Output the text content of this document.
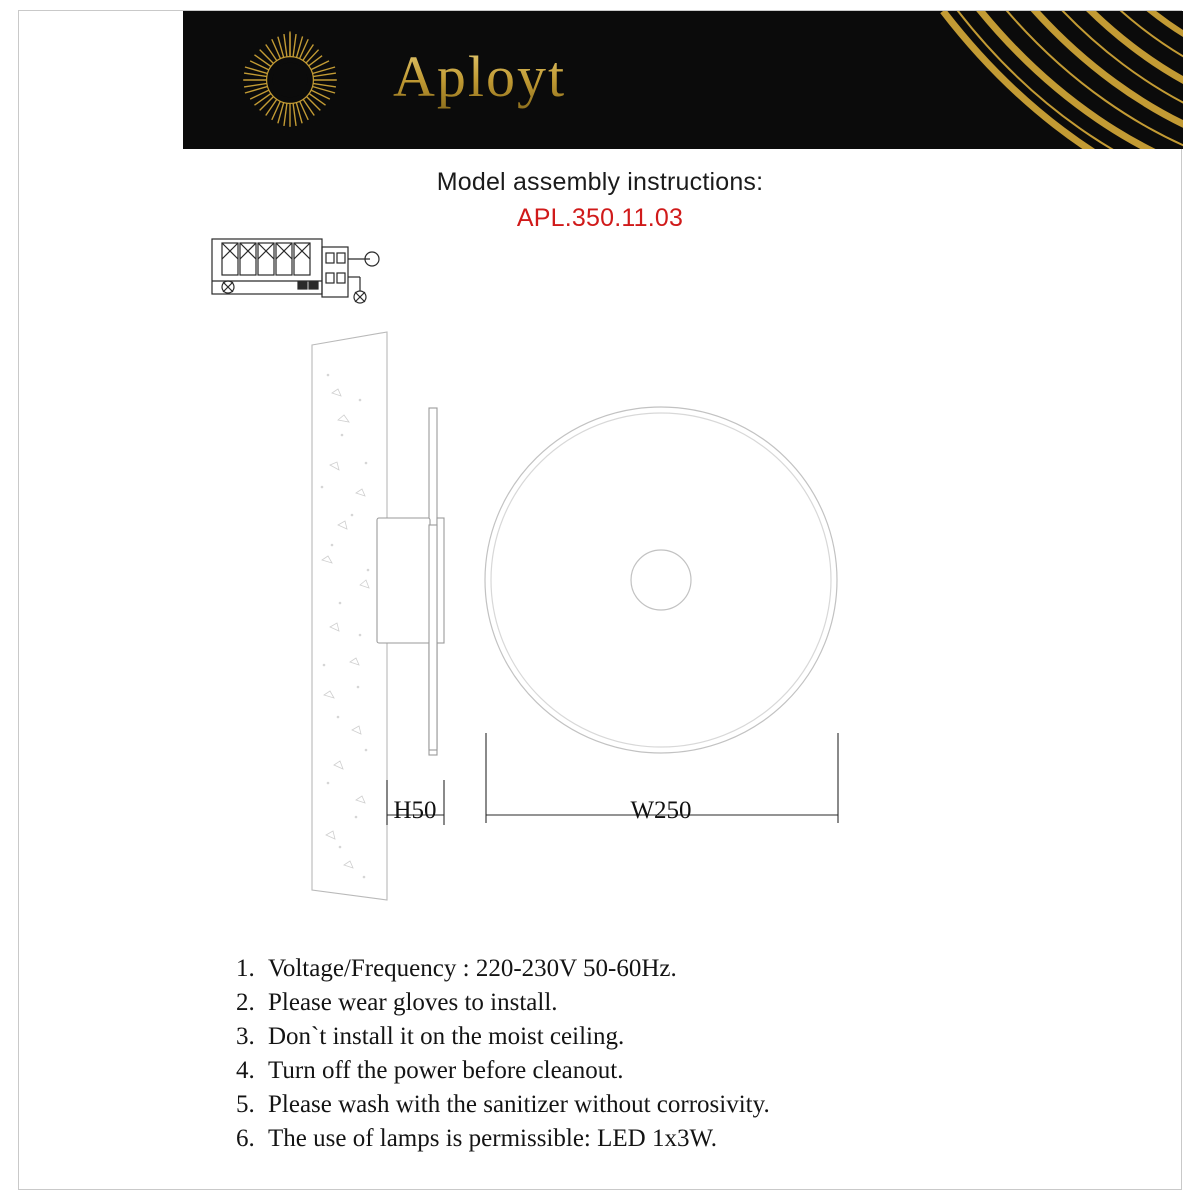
Aployt
Model assembly instructions:
APL.350.11.03
W250
H50
1. Voltage/Frequency : 220-230V 50-60Hz.
2. Please wear gloves to install.
3. Don`t install it on the moist ceiling.
4. Turn off the power before cleanout.
5. Please wash with the sanitizer without corrosivity.
6. The use of lamps is permissible: LED 1x3W.
